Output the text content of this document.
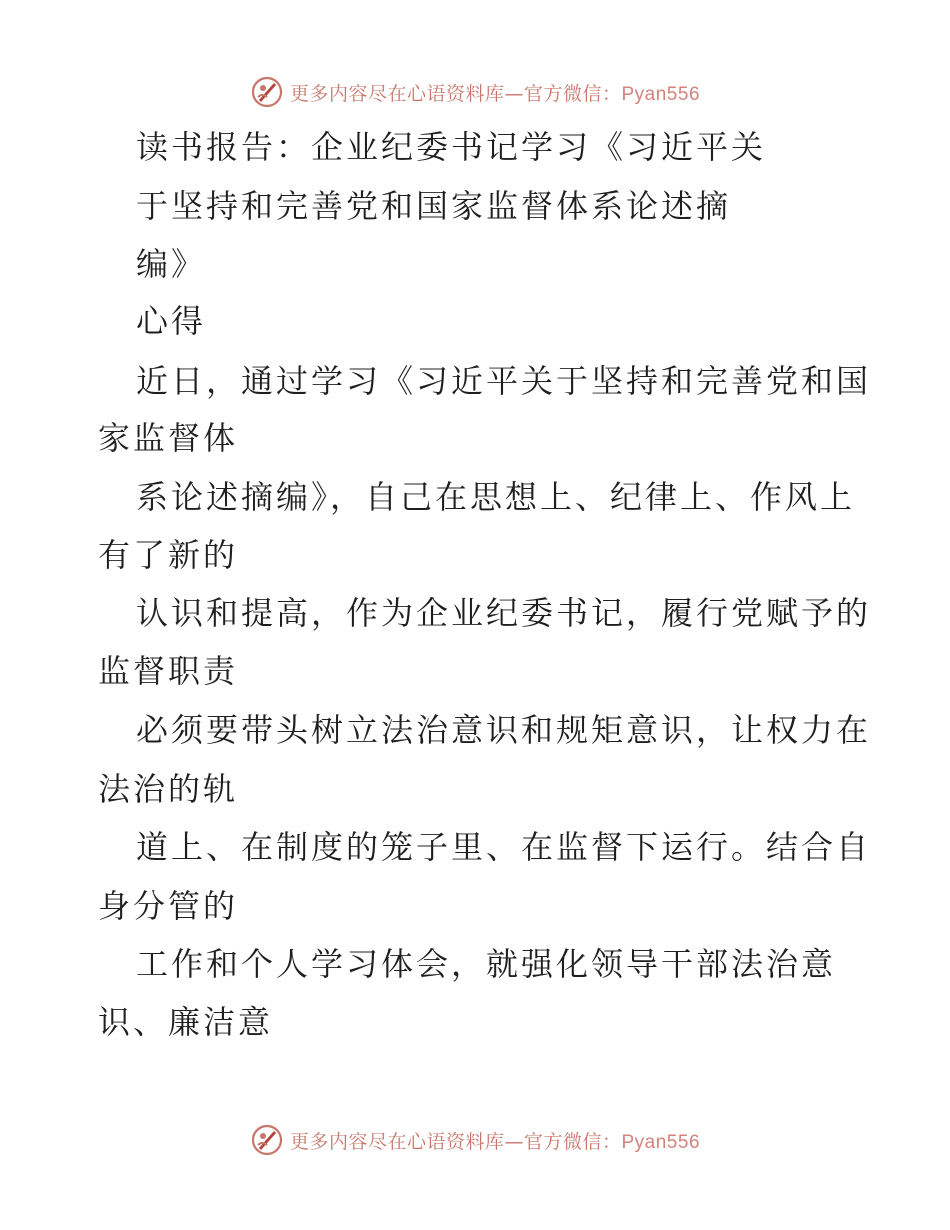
更多内容尽在心语资料库—官方微信：Pyan556
读书报告：企业纪委书记学习《习近平关
于坚持和完善党和国家监督体系论述摘
编》
心得
近日，通过学习《习近平关于坚持和完善党和国
家监督体
系论述摘编》，自己在思想上、纪律上、作风上
有了新的
认识和提高，作为企业纪委书记，履行党赋予的
监督职责
必须要带头树立法治意识和规矩意识，让权力在
法治的轨
道上、在制度的笼子里、在监督下运行。结合自
身分管的
工作和个人学习体会，就强化领导干部法治意
识、廉洁意
更多内容尽在心语资料库—官方微信：Pyan556
